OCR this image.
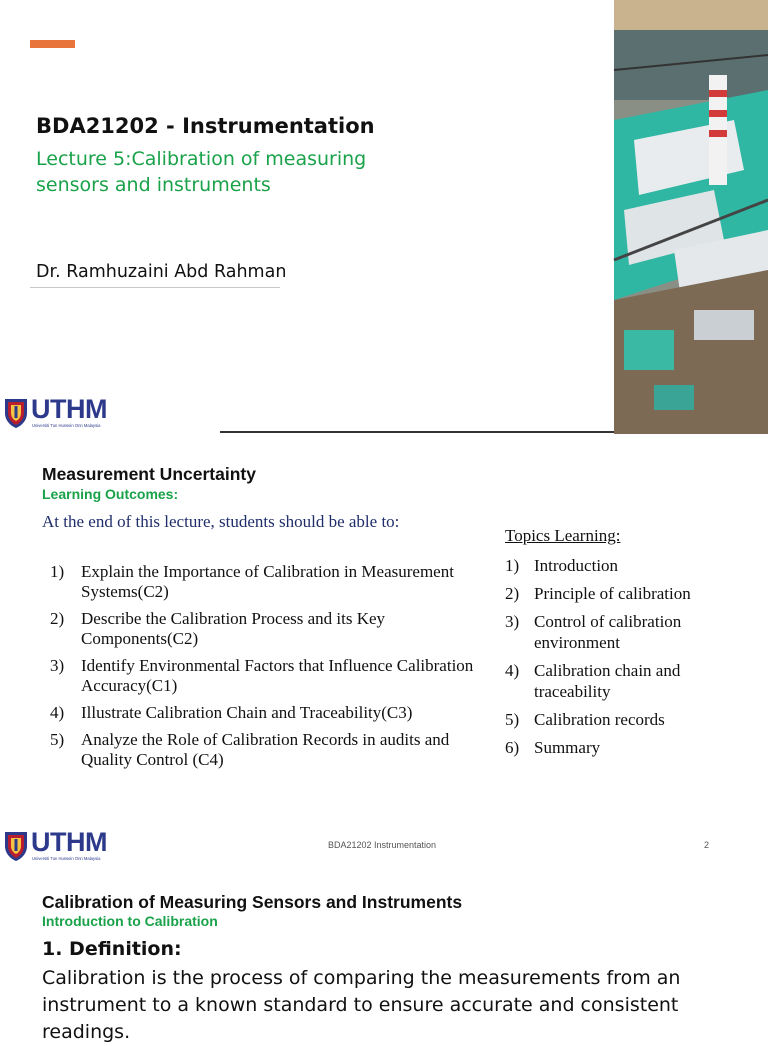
BDA21202 - Instrumentation
Lecture 5:Calibration of measuring sensors and instruments
Dr. Ramhuzaini Abd Rahman
UTHM
Universiti Tun Hussein Onn Malaysia
Measurement Uncertainty
Learning Outcomes:
At the end of this lecture, students should be able to:
1) Explain the Importance of Calibration in Measurement Systems(C2)
2) Describe the Calibration Process and its Key Components(C2)
3) Identify Environmental Factors that Influence Calibration Accuracy(C1)
4) Illustrate Calibration Chain and Traceability(C3)
5) Analyze the Role of Calibration Records in audits and Quality Control (C4)
Topics Learning:
1) Introduction
2) Principle of calibration
3) Control of calibration environment
4) Calibration chain and traceability
5) Calibration records
6) Summary
UTHM
Universiti Tun Hussein Onn Malaysia
BDA21202 Instrumentation	2
Calibration of Measuring Sensors and Instruments
Introduction to Calibration
1. Definition:
Calibration is the process of comparing the measurements from an instrument to a known standard to ensure accurate and consistent readings.
